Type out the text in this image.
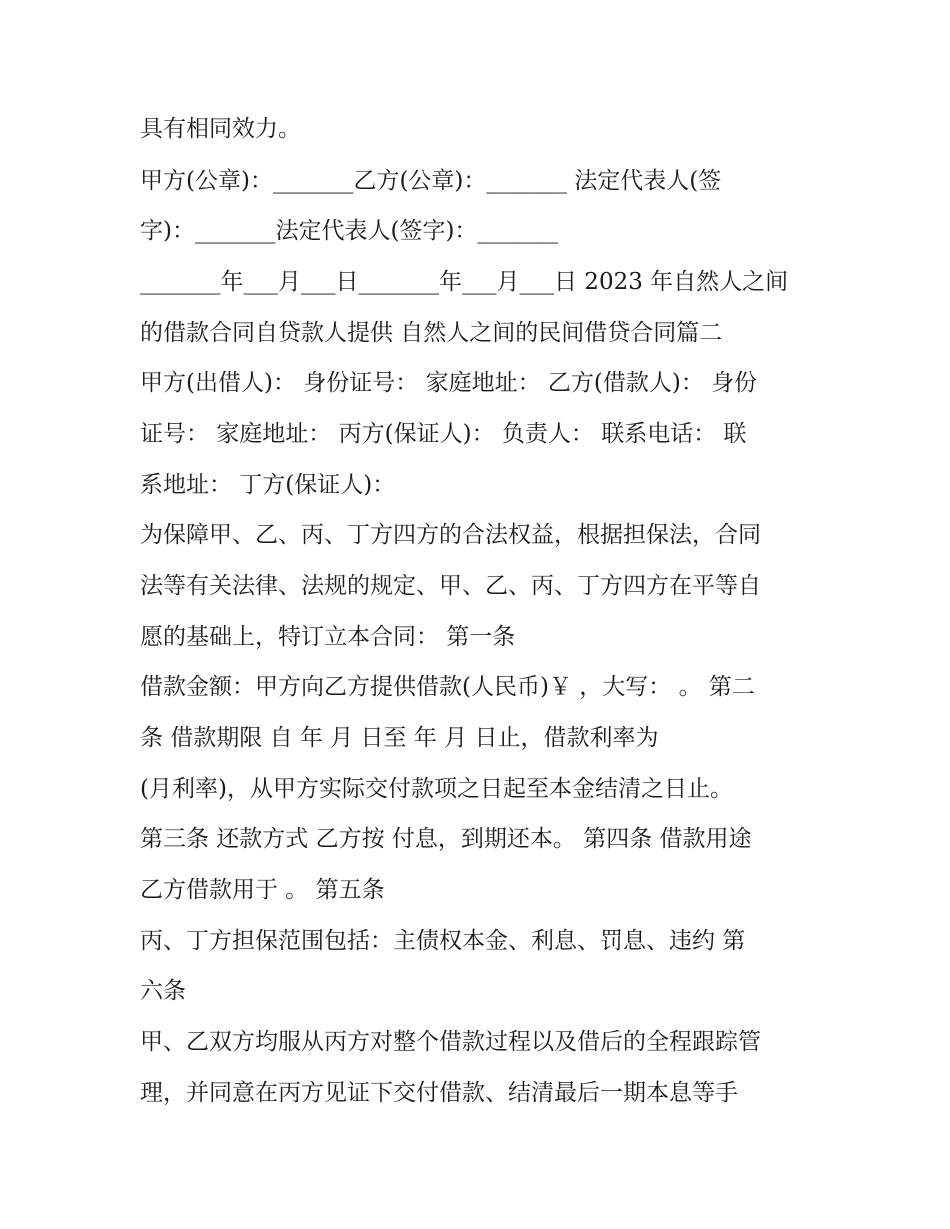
具有相同效力。
甲方(公章)：_______乙方(公章)：_______ 法定代表人(签
字)：_______法定代表人(签字)：_______
_______年___月___日_______年___月___日 2023 年自然人之间
的借款合同自贷款人提供 自然人之间的民间借贷合同篇二
甲方(出借人)： 身份证号： 家庭地址： 乙方(借款人)： 身份
证号： 家庭地址： 丙方(保证人)： 负责人： 联系电话： 联
系地址： 丁方(保证人)：
为保障甲、乙、丙、丁方四方的合法权益，根据担保法，合同
法等有关法律、法规的规定、甲、乙、丙、丁方四方在平等自
愿的基础上，特订立本合同： 第一条
借款金额：甲方向乙方提供借款(人民币)￥ ，大写： 。 第二
条 借款期限 自 年 月 日至 年 月 日止，借款利率为
(月利率)，从甲方实际交付款项之日起至本金结清之日止。
第三条 还款方式 乙方按 付息，到期还本。 第四条 借款用途
乙方借款用于 。 第五条
丙、丁方担保范围包括：主债权本金、利息、罚息、违约 第
六条
甲、乙双方均服从丙方对整个借款过程以及借后的全程跟踪管
理，并同意在丙方见证下交付借款、结清最后一期本息等手
